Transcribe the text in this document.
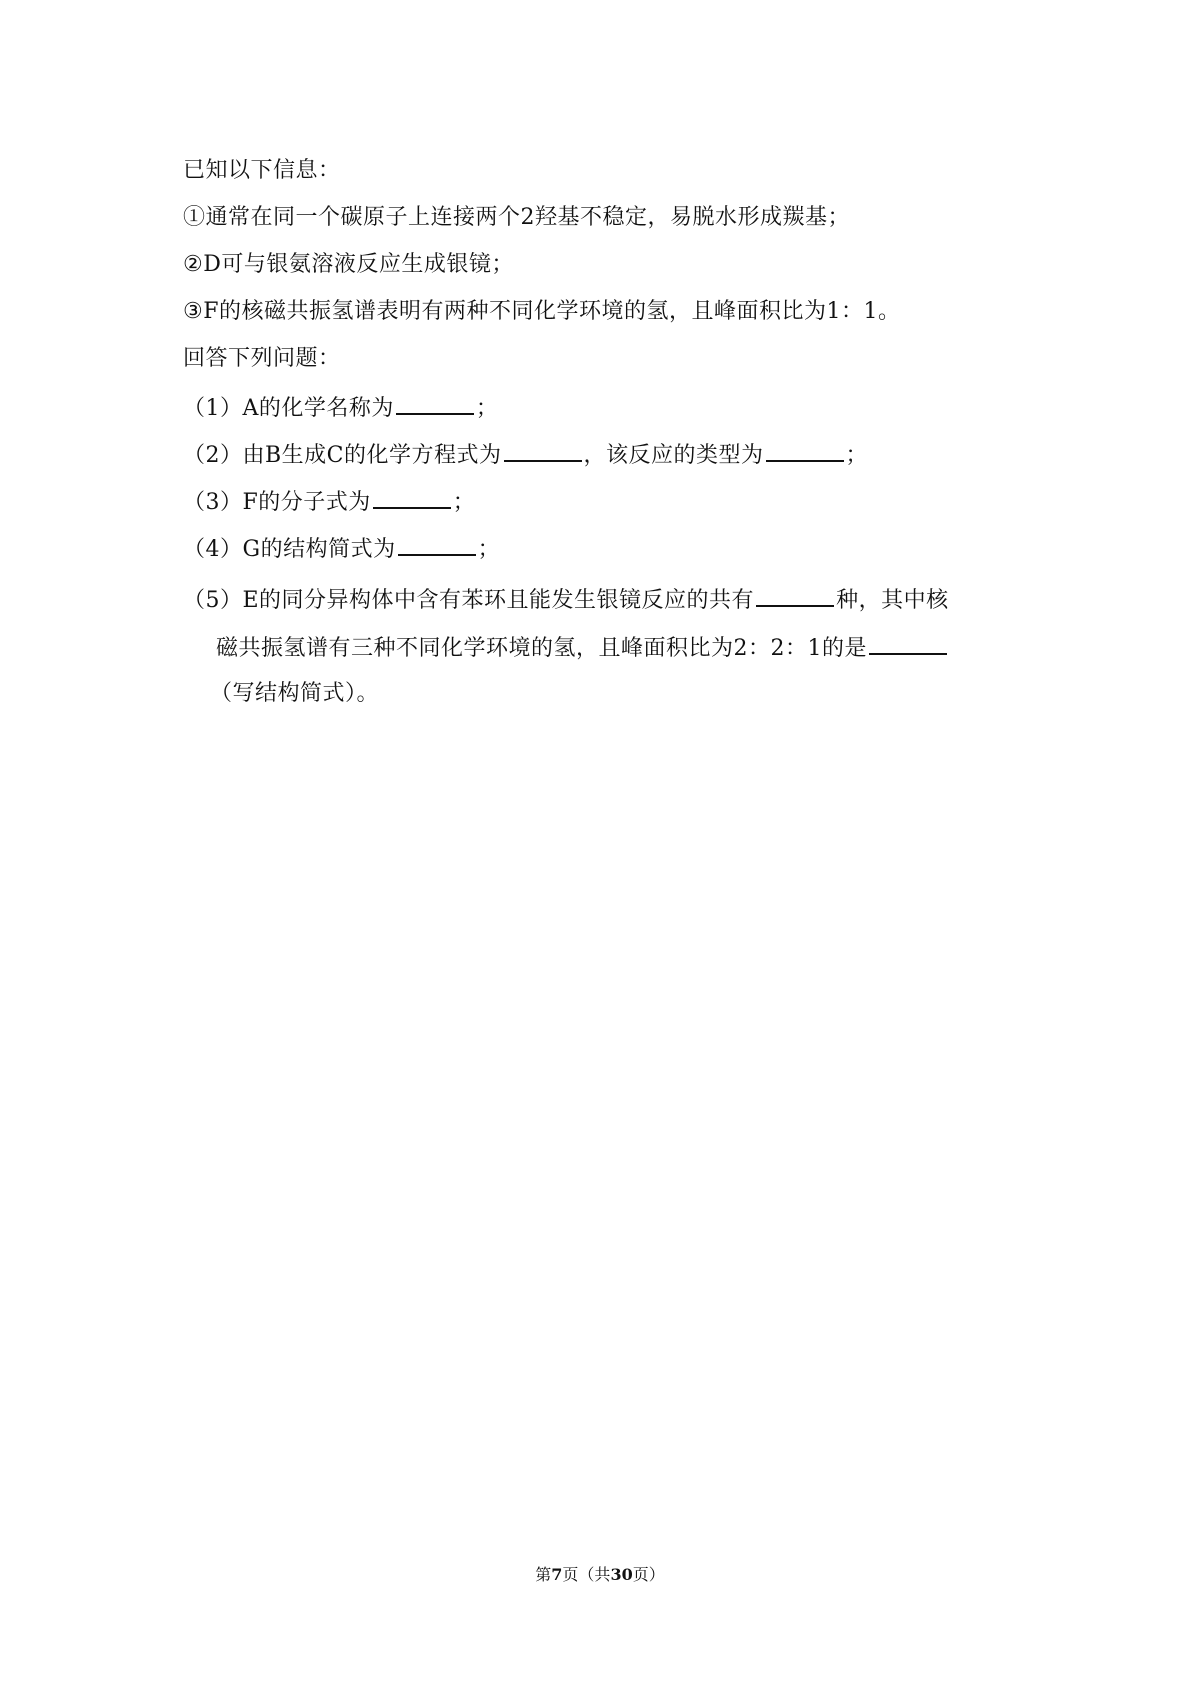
已知以下信息：
①通常在同一个碳原子上连接两个2羟基不稳定，易脱水形成羰基；
②D可与银氨溶液反应生成银镜；
③F的核磁共振氢谱表明有两种不同化学环境的氢，且峰面积比为1：1。
回答下列问题：
（1）A的化学名称为	；
（2）由B生成C的化学方程式为	，该反应的类型为	；
（3）F的分子式为	；
（4）G的结构简式为	；
（5）E的同分异构体中含有苯环且能发生银镜反应的共有	种，其中核
磁共振氢谱有三种不同化学环境的氢，且峰面积比为2：2：1的是
（写结构简式）。
第7页（共30页）
